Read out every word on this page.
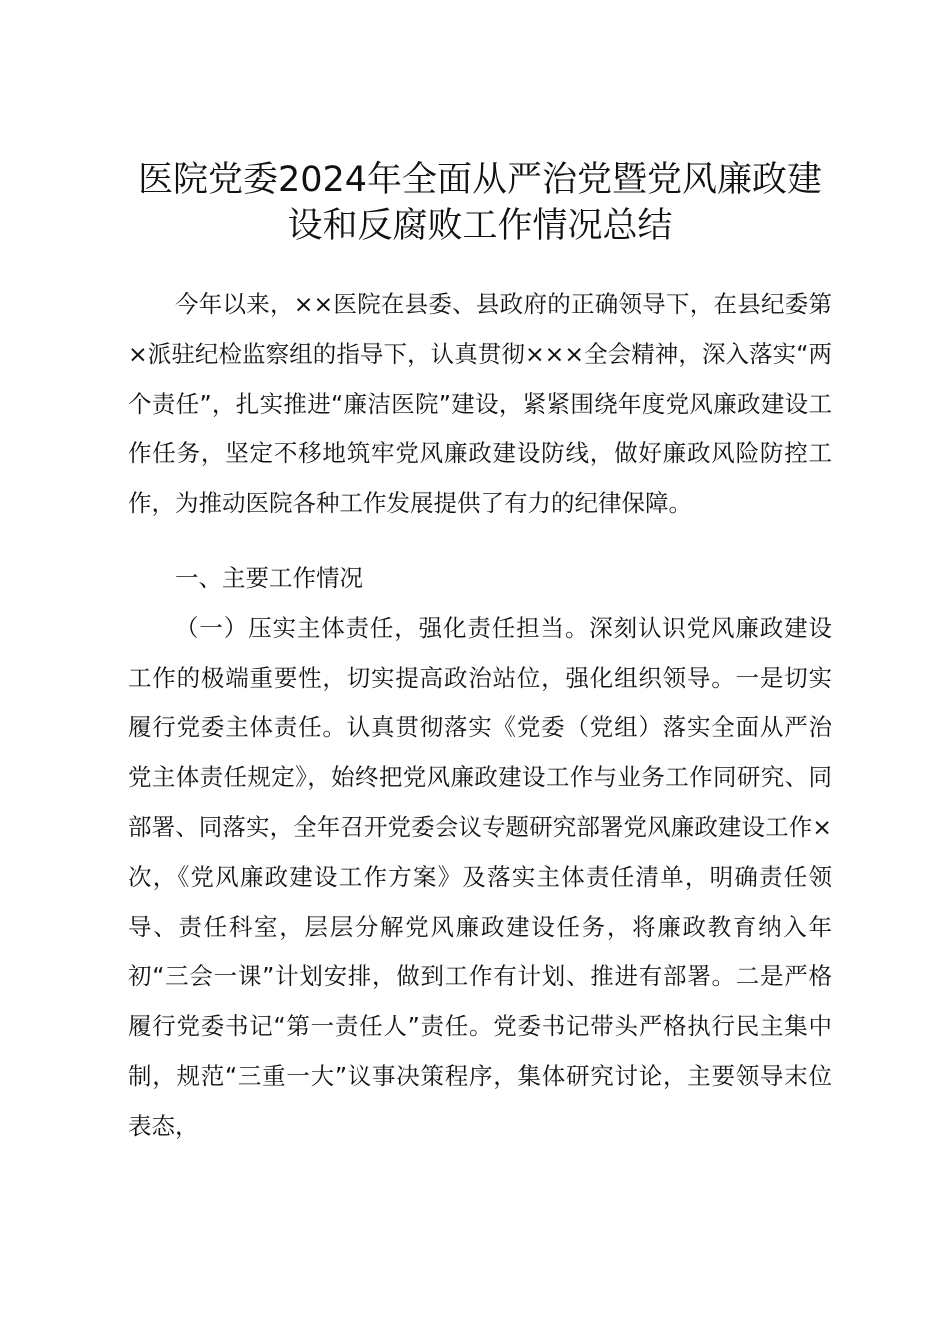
医院党委2024年全面从严治党暨党风廉政建
设和反腐败工作情况总结

今年以来，××医院在县委、县政府的正确领导下，在县纪委第×派驻纪检监察组的指导下，认真贯彻×××全会精神，深入落实“两个责任”，扎实推进“廉洁医院”建设，紧紧围绕年度党风廉政建设工作任务，坚定不移地筑牢党风廉政建设防线，做好廉政风险防控工作，为推动医院各种工作发展提供了有力的纪律保障。

一、主要工作情况

（一）压实主体责任，强化责任担当。深刻认识党风廉政建设工作的极端重要性，切实提高政治站位，强化组织领导。一是切实履行党委主体责任。认真贯彻落实《党委（党组）落实全面从严治党主体责任规定》，始终把党风廉政建设工作与业务工作同研究、同部署、同落实，全年召开党委会议专题研究部署党风廉政建设工作×次，《党风廉政建设工作方案》及落实主体责任清单，明确责任领导、责任科室，层层分解党风廉政建设任务，将廉政教育纳入年初“三会一课”计划安排，做到工作有计划、推进有部署。二是严格履行党委书记“第一责任人”责任。党委书记带头严格执行民主集中制，规范“三重一大”议事决策程序，集体研究讨论，主要领导末位表态，
